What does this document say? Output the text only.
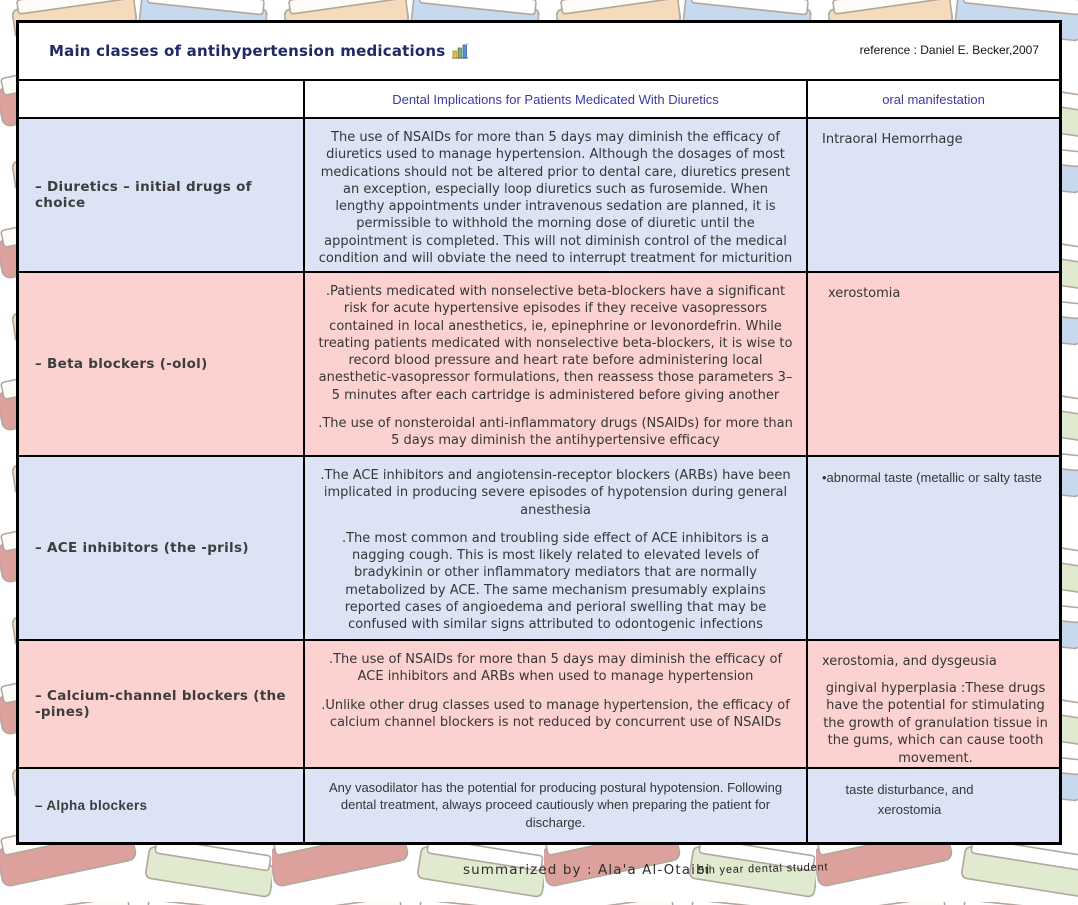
Main classes of antihypertension medications	reference : Daniel E. Becker,2007
Dental Implications for Patients Medicated With Diuretics	oral manifestation
– Diuretics – initial drugs of choice

The use of NSAIDs for more than 5 days may diminish the efficacy of diuretics used to manage hypertension. Although the dosages of most medications should not be altered prior to dental care, diuretics present an exception, especially loop diuretics such as furosemide. When lengthy appointments under intravenous sedation are planned, it is permissible to withhold the morning dose of diuretic until the appointment is completed. This will not diminish control of the medical condition and will obviate the need to interrupt treatment for micturition

Intraoral Hemorrhage

– Beta blockers (-olol)

.Patients medicated with nonselective beta-blockers have a significant risk for acute hypertensive episodes if they receive vasopressors contained in local anesthetics, ie, epinephrine or levonordefrin. While treating patients medicated with nonselective beta-blockers, it is wise to record blood pressure and heart rate before administering local anesthetic-vasopressor formulations, then reassess those parameters 3–5 minutes after each cartridge is administered before giving another

.The use of nonsteroidal anti-inflammatory drugs (NSAIDs) for more than 5 days may diminish the antihypertensive efficacy

xerostomia

– ACE inhibitors (the -prils)

.The ACE inhibitors and angiotensin-receptor blockers (ARBs) have been implicated in producing severe episodes of hypotension during general anesthesia

.The most common and troubling side effect of ACE inhibitors is a nagging cough. This is most likely related to elevated levels of bradykinin or other inflammatory mediators that are normally metabolized by ACE. The same mechanism presumably explains reported cases of angioedema and perioral swelling that may be confused with similar signs attributed to odontogenic infections

•abnormal taste (metallic or salty taste

– Calcium-channel blockers (the -pines)

.The use of NSAIDs for more than 5 days may diminish the efficacy of ACE inhibitors and ARBs when used to manage hypertension

.Unlike other drug classes used to manage hypertension, the efficacy of calcium channel blockers is not reduced by concurrent use of NSAIDs

xerostomia, and dysgeusia

gingival hyperplasia :These drugs have the potential for stimulating the growth of granulation tissue in the gums, which can cause tooth movement.

– Alpha blockers

Any vasodilator has the potential for producing postural hypotension. Following dental treatment, always proceed cautiously when preparing the patient for discharge.

taste disturbance, and

xerostomia

summarized by : Ala'a Al-Otaibi
5th year dental student
